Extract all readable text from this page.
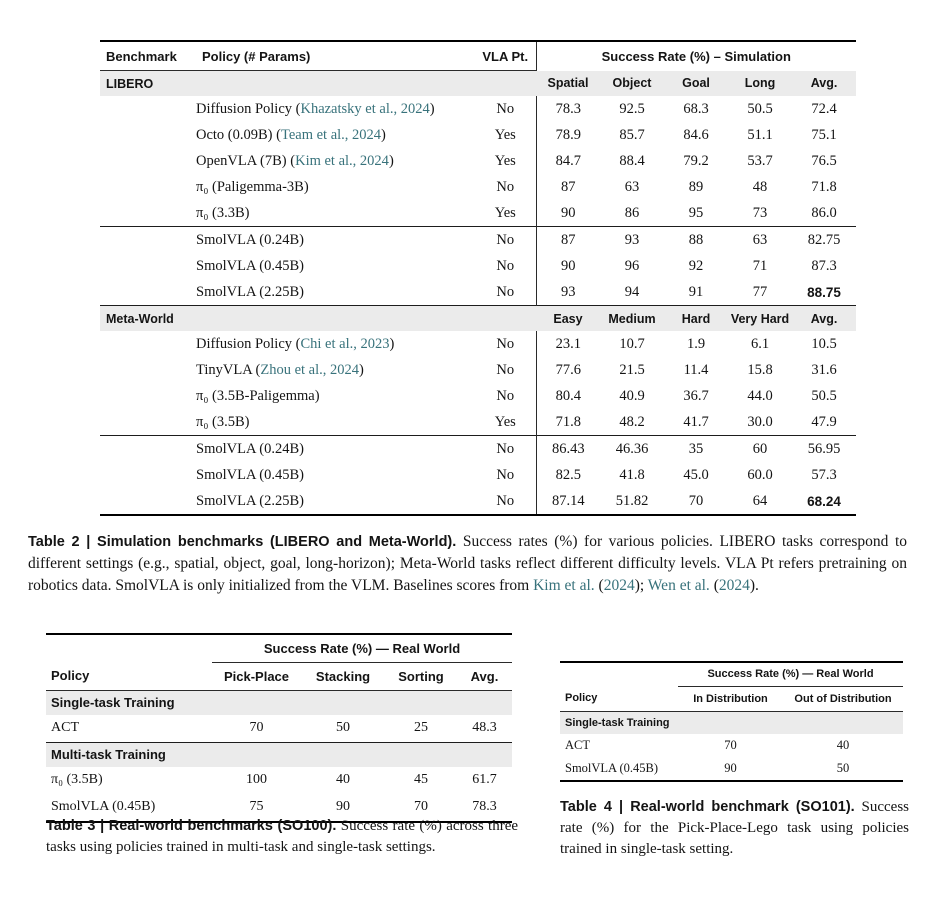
Benchmark	Policy (# Params)	VLA Pt.	Success Rate (%) – Simulation				
LIBERO			Spatial	Object	Goal	Long	Avg.
	Diffusion Policy (Khazatsky et al., 2024)	No	78.3	92.5	68.3	50.5	72.4
	Octo (0.09B) (Team et al., 2024)	Yes	78.9	85.7	84.6	51.1	75.1
	OpenVLA (7B) (Kim et al., 2024)	Yes	84.7	88.4	79.2	53.7	76.5
	π₀ (Paligemma-3B)	No	87	63	89	48	71.8
	π₀ (3.3B)	Yes	90	86	95	73	86.0
	SmolVLA (0.24B)	No	87	93	88	63	82.75
	SmolVLA (0.45B)	No	90	96	92	71	87.3
	SmolVLA (2.25B)	No	93	94	91	77	88.75
Meta-World			Easy	Medium	Hard	Very Hard	Avg.
	Diffusion Policy (Chi et al., 2023)	No	23.1	10.7	1.9	6.1	10.5
	TinyVLA (Zhou et al., 2024)	No	77.6	21.5	11.4	15.8	31.6
	π₀ (3.5B-Paligemma)	No	80.4	40.9	36.7	44.0	50.5
	π₀ (3.5B)	Yes	71.8	48.2	41.7	30.0	47.9
	SmolVLA (0.24B)	No	86.43	46.36	35	60	56.95
	SmolVLA (0.45B)	No	82.5	41.8	45.0	60.0	57.3
	SmolVLA (2.25B)	No	87.14	51.82	70	64	68.24
Table 2 | Simulation benchmarks (LIBERO and Meta-World). Success rates (%) for various policies. LIBERO tasks correspond to different settings (e.g., spatial, object, goal, long-horizon); Meta-World tasks reflect different difficulty levels. VLA Pt refers pretraining on robotics data. SmolVLA is only initialized from the VLM. Baselines scores from Kim et al. (2024); Wen et al. (2024).
	Success Rate (%) — Real World			
Policy	Pick-Place	Stacking	Sorting	Avg.
Single-task Training				
ACT	70	50	25	48.3
Multi-task Training				
π₀ (3.5B)	100	40	45	61.7
SmolVLA (0.45B)	75	90	70	78.3
Table 3 | Real-world benchmarks (SO100). Success rate (%) across three tasks using policies trained in multi-task and single-task settings.
	Success Rate (%) — Real World	
Policy	In Distribution	Out of Distribution
Single-task Training		
ACT	70	40
SmolVLA (0.45B)	90	50
Table 4 | Real-world benchmark (SO101). Success rate (%) for the Pick-Place-Lego task using policies trained in single-task setting.
